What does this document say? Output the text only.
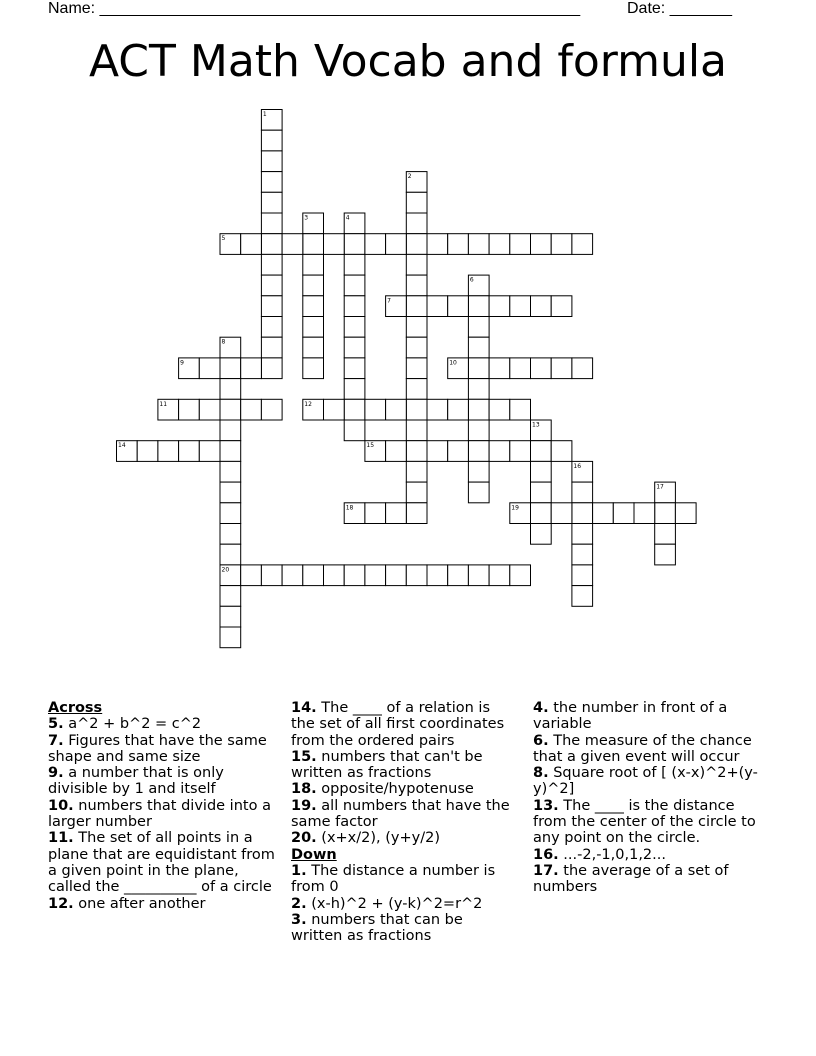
Name: ______________________________________________________	Date: _______
ACT Math Vocab and formula
1
2
3	4
5
6
7
8
9	10
11	12
13
14	15
16
17
18	19
20

Across

5. a^2 + b^2 = c^2

7. Figures that have the same shape and same size

9. a number that is only divisible by 1 and itself

10. numbers that divide into a larger number

11. The set of all points in a plane that are equidistant from a given point in the plane, called the __________ of a circle

12. one after another

14. The ____ of a relation is the set of all first coordinates from the ordered pairs

15. numbers that can't be written as fractions

18. opposite/hypotenuse

19. all numbers that have the same factor

20. (x+x/2), (y+y/2)

Down

1. The distance a number is from 0

2. (x-h)^2 + (y-k)^2=r^2

3. numbers that can be written as fractions

4. the number in front of a variable

6. The measure of the chance that a given event will occur

8. Square root of [ (x-x)^2+(y-y)^2]

13. The ____ is the distance from the center of the circle to any point on the circle.

16. ...-2,-1,0,1,2...

17. the average of a set of numbers
